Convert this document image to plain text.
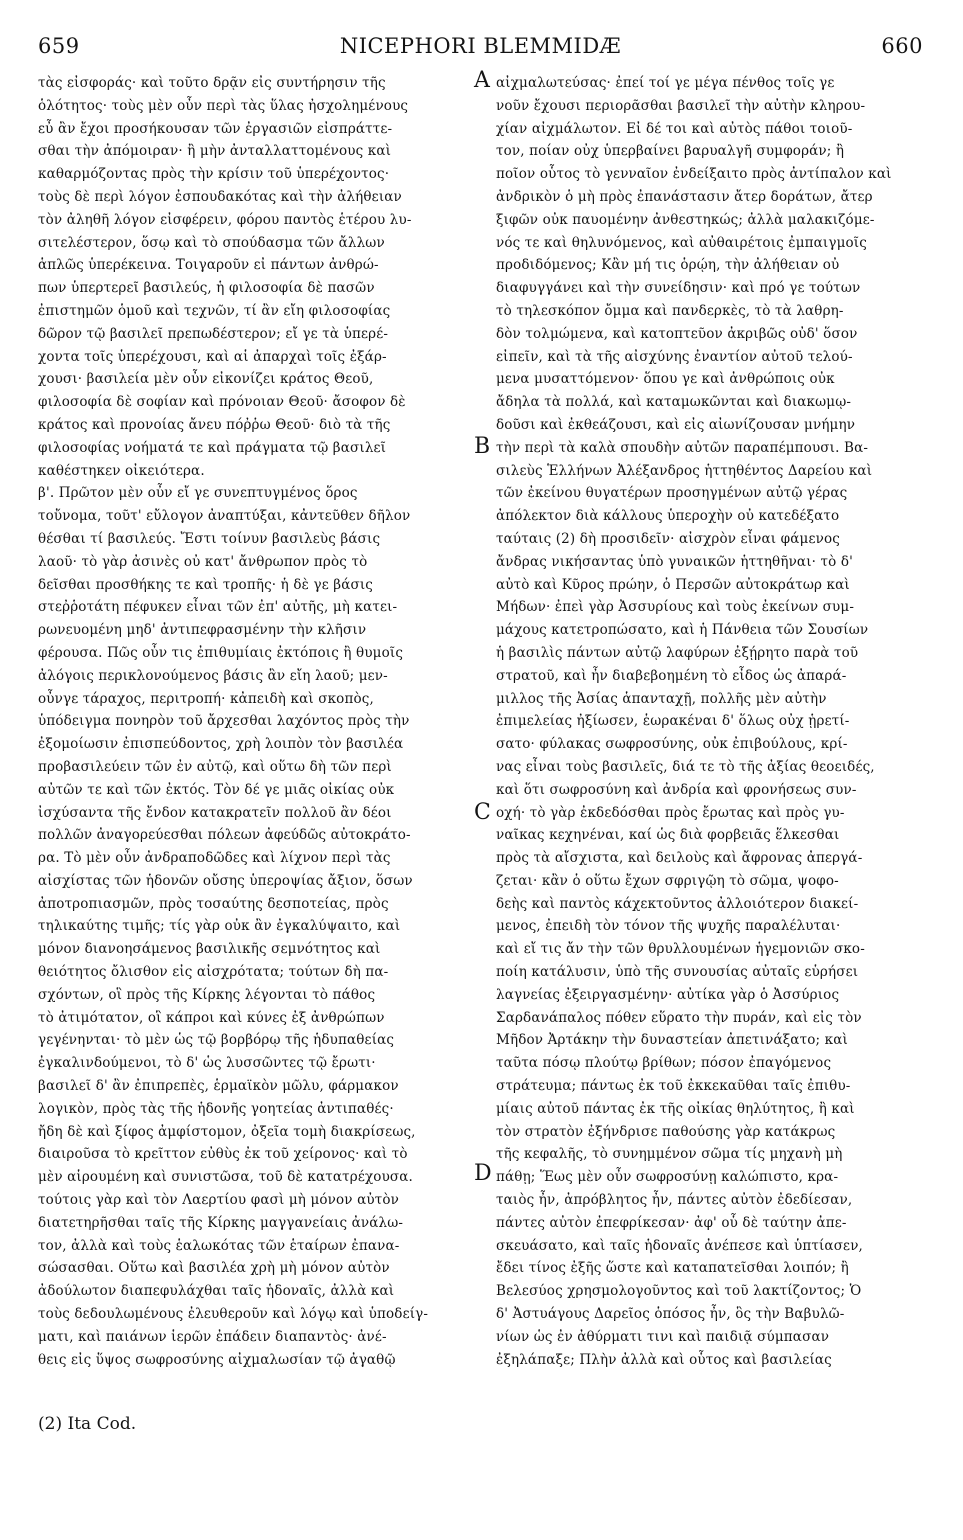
659	NICEPHORI BLEMMIDÆ	660
τὰς εἰσφοράς· καὶ τοῦτο δρᾷν εἰς συντήρησιν τῆς
ὁλότητος· τοὺς μὲν οὖν περὶ τὰς ὕλας ἠσχολημένους
εὖ ἂν ἔχοι προσήκουσαν τῶν ἐργασιῶν εἰσπράττε-
σθαι τὴν ἀπόμοιραν· ἢ μὴν ἀνταλλαττομένους καὶ
καθαρμόζοντας πρὸς τὴν κρίσιν τοῦ ὑπερέχοντος·
τοὺς δὲ περὶ λόγον ἐσπουδακότας καὶ τὴν ἀλήθειαν
τὸν ἀληθῆ λόγον εἰσφέρειν, φόρου παντὸς ἑτέρου λυ-
σιτελέστερον, ὅσῳ καὶ τὸ σπούδασμα τῶν ἄλλων
ἁπλῶς ὑπερέκεινα. Τοιγαροῦν εἰ πάντων ἀνθρώ-
πων ὑπερτερεῖ βασιλεύς, ἡ φιλοσοφία δὲ πασῶν
ἐπιστημῶν ὁμοῦ καὶ τεχνῶν, τί ἂν εἴη φιλοσοφίας
δῶρον τῷ βασιλεῖ πρεπωδέστερον; εἴ γε τὰ ὑπερέ-
χοντα τοῖς ὑπερέχουσι, καὶ αἱ ἀπαρχαὶ τοῖς ἐξάρ-
χουσι· βασιλεία μὲν οὖν εἰκονίζει κράτος Θεοῦ,
φιλοσοφία δὲ σοφίαν καὶ πρόνοιαν Θεοῦ· ἄσοφον δὲ
κράτος καὶ προνοίας ἄνευ πόῤῥω Θεοῦ· διὸ τὰ τῆς
φιλοσοφίας νοήματά τε καὶ πράγματα τῷ βασιλεῖ
καθέστηκεν οἰκειότερα.
β'. Πρῶτον μὲν οὖν εἴ γε συνεπτυγμένος ὅρος
τοὔνομα, τοῦτ' εὔλογον ἀναπτύξαι, κἀντεῦθεν δῆλον
θέσθαι τί βασιλεύς. Ἔστι τοίνυν βασιλεὺς βάσις
λαοῦ· τὸ γὰρ ἀσινὲς οὐ κατ' ἄνθρωπον πρὸς τὸ
δεῖσθαι προσθήκης τε καὶ τροπῆς· ἡ δὲ γε βάσις
στεῤῥοτάτη πέφυκεν εἶναι τῶν ἐπ' αὐτῆς, μὴ κατει-
ρωνευομένη μηδ' ἀντιπεφρασμένην τὴν κλῆσιν
φέρουσα. Πῶς οὖν τις ἐπιθυμίαις ἐκτόποις ἢ θυμοῖς
ἀλόγοις περικλονούμενος βάσις ἂν εἴη λαοῦ; μεν-
οὖνγε τάραχος, περιτροπή· κἀπειδὴ καὶ σκοπὸς,
ὑπόδειγμα πονηρὸν τοῦ ἄρχεσθαι λαχόντος πρὸς τὴν
ἐξομοίωσιν ἐπισπεύδοντος, χρὴ λοιπὸν τὸν βασιλέα
προβασιλεύειν τῶν ἐν αὐτῷ, καὶ οὕτω δὴ τῶν περὶ
αὐτῶν τε καὶ τῶν ἐκτός. Τὸν δέ γε μιᾶς οἰκίας οὐκ
ἰσχύσαντα τῆς ἔνδον κατακρατεῖν πολλοῦ ἂν δέοι
πολλῶν ἀναγορεύεσθαι πόλεων ἀφεύδῶς αὐτοκράτο-
ρα. Τὸ μὲν οὖν ἀνδραποδῶδες καὶ λίχνον περὶ τὰς
αἰσχίστας τῶν ἡδονῶν οὔσης ὑπεροψίας ἄξιον, ὅσων
ἀποτροπιασμῶν, πρὸς τοσαύτης δεσποτείας, πρὸς
τηλικαύτης τιμῆς; τίς γὰρ οὐκ ἂν ἐγκαλύψαιτο, καὶ
μόνον διανοησάμενος βασιλικῆς σεμνότητος καὶ
θειότητος ὄλισθον εἰς αἰσχρότατα; τούτων δὴ πα-
σχόντων, οἳ πρὸς τῆς Κίρκης λέγονται τὸ πάθος
τὸ ἀτιμότατον, οἳ κάπροι καὶ κύνες ἐξ ἀνθρώπων
γεγένηνται· τὸ μὲν ὡς τῷ βορβόρῳ τῆς ἡδυπαθείας
ἐγκαλινδούμενοι, τὸ δ' ὡς λυσσῶντες τῷ ἔρωτι·
βασιλεῖ δ' ἂν ἐπιπρεπὲς, ἑρμαϊκὸν μῶλυ, φάρμακον
λογικὸν, πρὸς τὰς τῆς ἡδονῆς γοητείας ἀντιπαθές·
ἤδη δὲ καὶ ξίφος ἀμφίστομον, ὀξεῖα τομὴ διακρίσεως,
διαιροῦσα τὸ κρεῖττον εὐθὺς ἐκ τοῦ χείρονος· καὶ τὸ
μὲν αἱρουμένη καὶ συνιστῶσα, τοῦ δὲ κατατρέχουσα.
τούτοις γὰρ καὶ τὸν Λαερτίου φασὶ μὴ μόνον αὐτὸν
διατετηρῆσθαι ταῖς τῆς Κίρκης μαγγανείαις ἀνάλω-
τον, ἀλλὰ καὶ τοὺς ἑαλωκότας τῶν ἑταίρων ἐπανα-
σώσασθαι. Οὕτω καὶ βασιλέα χρὴ μὴ μόνον αὐτὸν
ἀδούλωτον διαπεφυλάχθαι ταῖς ἡδοναῖς, ἀλλὰ καὶ
τοὺς δεδουλωμένους ἐλευθεροῦν καὶ λόγῳ καὶ ὑποδείγ-
ματι, καὶ παιάνων ἱερῶν ἐπάδειν διαπαντὸς· ἀνέ-
θεις εἰς ὕψος σωφροσύνης αἰχμαλωσίαν τῷ ἀγαθῷ
αἰχμαλωτεύσας· ἐπεί τοί γε μέγα πένθος τοῖς γε
νοῦν ἔχουσι περιορᾶσθαι βασιλεῖ τὴν αὐτὴν κληρου-
χίαν αἰχμάλωτον. Εἰ δέ τοι καὶ αὐτὸς πάθοι τοιοῦ-
τον, ποίαν οὐχ ὑπερβαίνει βαρυαλγῆ συμφοράν; ἢ
ποῖον οὗτος τὸ γενναῖον ἐνδείξαιτο πρὸς ἀντίπαλον καὶ
ἀνδρικὸν ὁ μὴ πρὸς ἐπανάστασιν ἄτερ δοράτων, ἄτερ
ξιφῶν οὐκ παυομένην ἀνθεστηκώς; ἀλλὰ μαλακιζόμε-
νός τε καὶ θηλυνόμενος, καὶ αὐθαιρέτοις ἐμπαιγμοῖς
προδιδόμενος; Κἂν μή τις ὁρῴη, τὴν ἀλήθειαν οὐ
διαφυγγάνει καὶ τὴν συνείδησιν· καὶ πρό γε τούτων
τὸ τηλεσκόπον ὄμμα καὶ πανδερκὲς, τὸ τὰ λαθρη-
δὸν τολμώμενα, καὶ κατοπτεῦον ἀκριβῶς οὐδ' ὅσον
εἰπεῖν, καὶ τὰ τῆς αἰσχύνης ἐναντίον αὐτοῦ τελού-
μενα μυσαττόμενον· ὅπου γε καὶ ἀνθρώποις οὐκ
ἄδηλα τὰ πολλά, καὶ καταμωκῶνται καὶ διακωμῳ-
δοῦσι καὶ ἐκθεάζουσι, καὶ εἰς αἰωνίζουσαν μνήμην
τὴν περὶ τὰ καλὰ σπουδὴν αὐτῶν παραπέμπουσι. Βα-
σιλεὺς Ἑλλήνων Ἀλέξανδρος ἡττηθέντος Δαρείου καὶ
τῶν ἐκείνου θυγατέρων προσηγμένων αὐτῷ γέρας
ἀπόλεκτον διὰ κάλλους ὑπεροχὴν οὐ κατεδέξατο
ταύταις (2) δὴ προσιδεῖν· αἰσχρὸν εἶναι φάμενος
ἄνδρας νικήσαντας ὑπὸ γυναικῶν ἡττηθῆναι· τὸ δ'
αὐτὸ καὶ Κῦρος πρώην, ὁ Περσῶν αὐτοκράτωρ καὶ
Μήδων· ἐπεὶ γὰρ Ἀσσυρίους καὶ τοὺς ἐκείνων συμ-
μάχους κατετροπώσατο, καὶ ἡ Πάνθεια τῶν Σουσίων
ἡ βασιλὶς πάντων αὐτῷ λαφύρων ἐξῄρητο παρὰ τοῦ
στρατοῦ, καὶ ἦν διαβεβοημένη τὸ εἶδος ὡς ἀπαρά-
μιλλος τῆς Ἀσίας ἁπανταχῇ, πολλῆς μὲν αὐτὴν
ἐπιμελείας ἠξίωσεν, ἑωρακέναι δ' ὅλως οὐχ ᾑρετί-
σατο· φύλακας σωφροσύνης, οὐκ ἐπιβούλους, κρί-
νας εἶναι τοὺς βασιλεῖς, διά τε τὸ τῆς ἀξίας θεοειδές,
καὶ ὅτι σωφροσύνη καὶ ἀνδρία καὶ φρονήσεως συν-
οχή· τὸ γὰρ ἐκδεδόσθαι πρὸς ἔρωτας καὶ πρὸς γυ-
ναῖκας κεχηνέναι, καί ὡς διὰ φορβειᾶς ἕλκεσθαι
πρὸς τὰ αἴσχιστα, καὶ δειλοὺς καὶ ἄφρονας ἀπεργά-
ζεται· κἂν ὁ οὕτω ἔχων σφριγῷη τὸ σῶμα, ψοφο-
δεὴς καὶ παντὸς κάχεκτοῦντος ἀλλοιότερον διακεί-
μενος, ἐπειδὴ τὸν τόνον τῆς ψυχῆς παραλέλυται·
καὶ εἴ τις ἄν τὴν τῶν θρυλλουμένων ἡγεμονιῶν σκο-
ποίη κατάλυσιν, ὑπὸ τῆς συνουσίας αὐταῖς εὑρήσει
λαγνείας ἐξειργασμένην· αὐτίκα γὰρ ὁ Ἀσσύριος
Σαρδανάπαλος πόθεν εὕρατο τὴν πυράν, καὶ εἰς τὸν
Μῆδον Ἀρτάκην τὴν δυναστείαν ἀπετινάξατο; καὶ
ταῦτα πόσῳ πλούτῳ βρίθων; πόσον ἐπαγόμενος
στράτευμα; πάντως ἐκ τοῦ ἐκκεκαῦθαι ταῖς ἐπιθυ-
μίαις αὐτοῦ πάντας ἐκ τῆς οἰκίας θηλύτητος, ἢ καὶ
τὸν στρατὸν ἐξήνδρισε παθούσης γὰρ κατάκρως
τῆς κεφαλῆς, τὸ συνημμένον σῶμα τίς μηχανὴ μὴ
πάθῃ; Ἕως μὲν οὖν σωφροσύνῃ καλώπιστο, κρα-
ταιὸς ἦν, ἀπρόβλητος ἦν, πάντες αὐτὸν ἐδεδίεσαν,
πάντες αὐτὸν ἐπεφρίκεσαν· ἀφ' οὗ δὲ ταύτην ἀπε-
σκευάσατο, καὶ ταῖς ἡδοναῖς ἀνέπεσε καὶ ὑπτίασεν,
ἔδει τίνος ἐξῆς ὥστε καὶ καταπατεῖσθαι λοιπόν; ἢ
Βελεσύος χρησμολογοῦντος καὶ τοῦ λακτίζοντος; Ὁ
δ' Ἀστυάγους Δαρεῖος ὁπόσος ἦν, ὃς τὴν Βαβυλῶ-
νίων ὡς ἐν ἀθύρματι τινι καὶ παιδιᾷ σύμπασαν
ἐξηλάπαξε; Πλὴν ἀλλὰ καὶ οὗτος καὶ βασιλείας
A
B
C
D
(2) Ita Cod.
